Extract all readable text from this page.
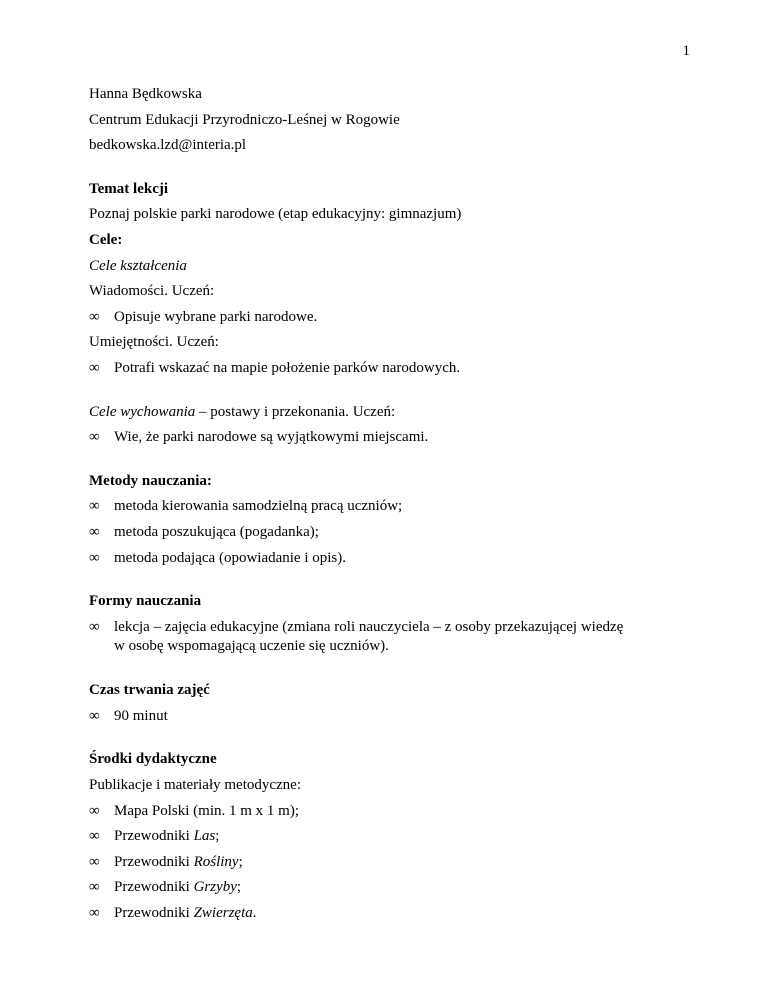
1
Hanna Będkowska
Centrum Edukacji Przyrodniczo-Leśnej w Rogowie
bedkowska.lzd@interia.pl
Temat lekcji
Poznaj polskie parki narodowe (etap edukacyjny: gimnazjum)
Cele:
Cele kształcenia
Wiadomości. Uczeń:
∞ Opisuje wybrane parki narodowe.
Umiejętności. Uczeń:
∞ Potrafi wskazać na mapie położenie parków narodowych.
Cele wychowania – postawy i przekonania. Uczeń:
∞ Wie, że parki narodowe są wyjątkowymi miejscami.
Metody nauczania:
∞ metoda kierowania samodzielną pracą uczniów;
∞ metoda poszukująca (pogadanka);
∞ metoda podająca (opowiadanie i opis).
Formy nauczania
∞ lekcja – zajęcia edukacyjne (zmiana roli nauczyciela – z osoby przekazującej wiedzę
w osobę wspomagającą uczenie się uczniów).
Czas trwania zajęć
∞ 90 minut
Środki dydaktyczne
Publikacje i materiały metodyczne:
∞ Mapa Polski (min. 1 m x 1 m);
∞ Przewodniki Las;
∞ Przewodniki Rośliny;
∞ Przewodniki Grzyby;
∞ Przewodniki Zwierzęta.
